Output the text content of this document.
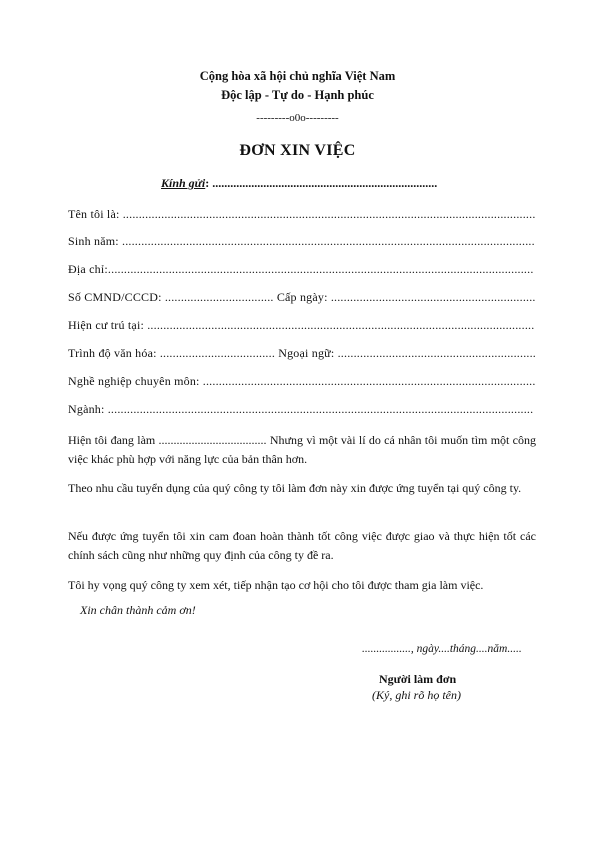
Cộng hòa xã hội chủ nghĩa Việt Nam
Độc lập - Tự do - Hạnh phúc
---------o0o---------
ĐƠN XIN VIỆC
Kính gửi: ...........................................................................
Tên tôi là: .................................................................................................................................
Sinh năm: .................................................................................................................................
Địa chỉ:.....................................................................................................................................
Số CMND/CCCD: .................................. Cấp ngày: ................................................................
Hiện cư trú tại: .........................................................................................................................
Trình độ văn hóa: .................................... Ngoại ngữ: ..............................................................
Nghề nghiệp chuyên môn: ........................................................................................................
Ngành: .....................................................................................................................................
Hiện tôi đang làm .................................... Nhưng vì một vài lí do cá nhân tôi muốn tìm một công việc khác phù hợp với năng lực của bản thân hơn.
Theo nhu cầu tuyển dụng của quý công ty tôi làm đơn này xin được ứng tuyển tại quý công ty.
Nếu được ứng tuyển tôi xin cam đoan hoàn thành tốt công việc được giao và thực hiện tốt các chính sách cũng như những quy định của công ty đề ra.
Tôi hy vọng quý công ty xem xét, tiếp nhận tạo cơ hội cho tôi được tham gia làm việc.
Xin chân thành cảm ơn!
................., ngày....tháng....năm.....
Người làm đơn
(Ký, ghi rõ họ tên)
